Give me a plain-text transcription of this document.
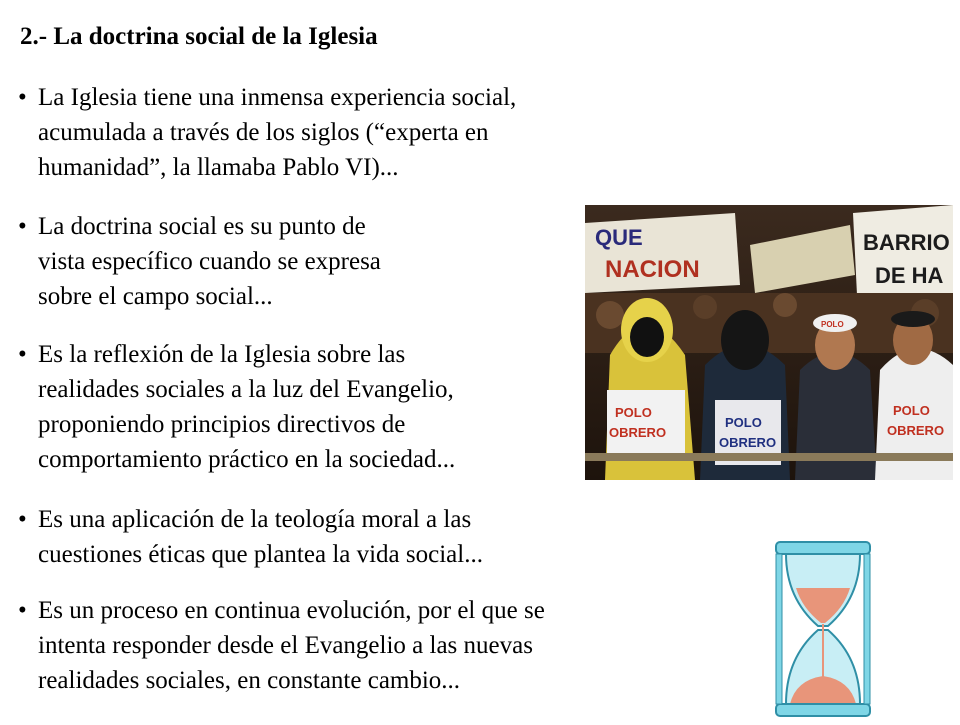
2.- La doctrina social de la Iglesia
• La Iglesia tiene una inmensa experiencia social,
acumulada a través de los siglos (“experta en
humanidad”, la llamaba Pablo VI)...
• La doctrina social es su punto de
vista específico cuando se expresa
sobre el campo social...
• Es la reflexión de la Iglesia sobre las
realidades sociales a la luz del Evangelio,
proponiendo principios directivos de
comportamiento práctico en la sociedad...
• Es una aplicación de la teología moral a las
cuestiones éticas que plantea la vida social...
• Es un proceso en continua evolución, por el que se
intenta responder desde el Evangelio a las nuevas
realidades sociales, en constante cambio...
QUE
NACION
BARRIO
DE HA
POLO
OBRERO
POLO
OBRERO
POLO
POLO
OBRERO
